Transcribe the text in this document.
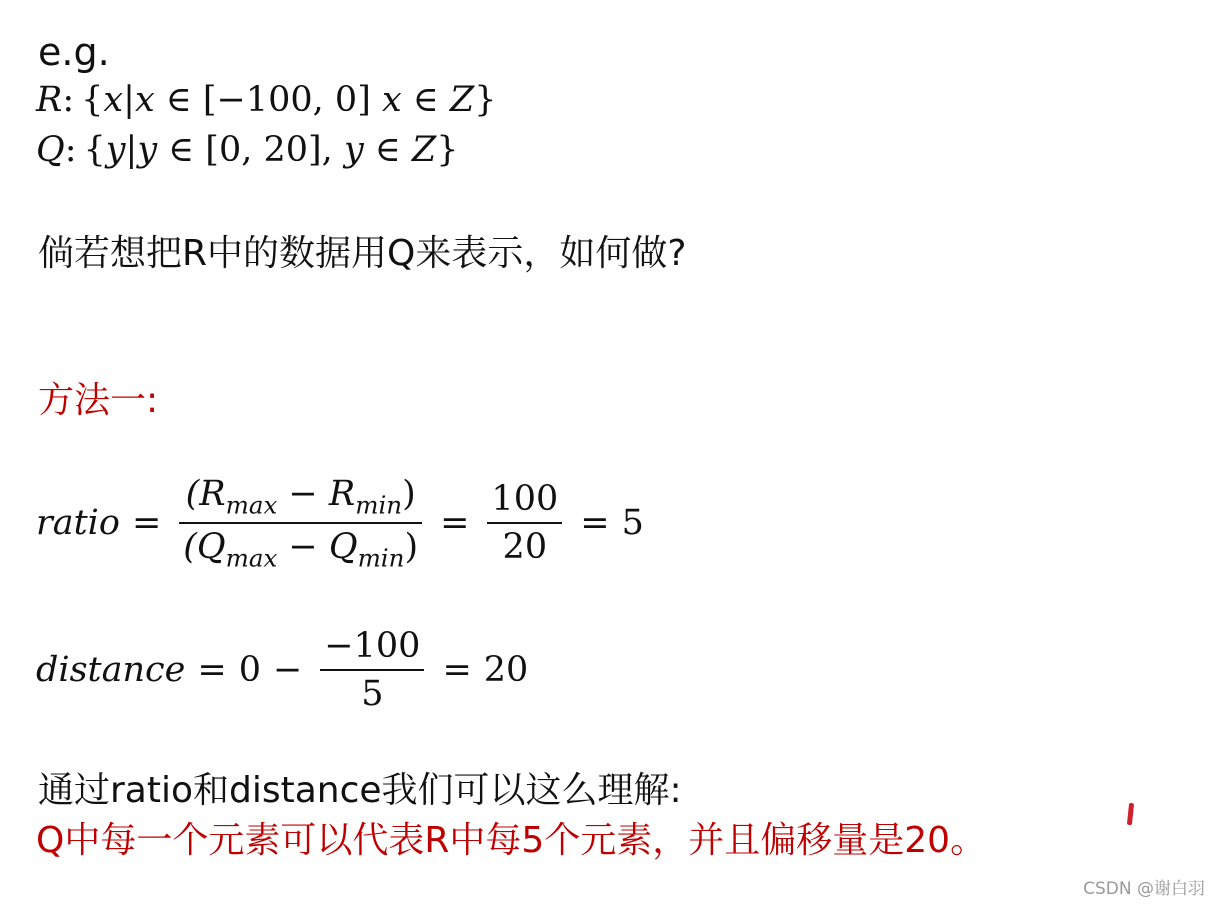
e.g.
R: {x|x ∈ [−100, 0] x ∈ Z}
Q: {y|y ∈ [0, 20], y ∈ Z}
倘若想把R中的数据用Q来表示，如何做?
方法一:
ratio = $\frac{(R_{max} - R_{min})}{(Q_{max} - Q_{min})} = \frac{100}{20} = 5$
distance = $0 - \frac{-100}{5} = 20$
通过ratio和distance我们可以这么理解:
Q中每一个元素可以代表R中每5个元素，并且偏移量是20。
CSDN @谢白羽
